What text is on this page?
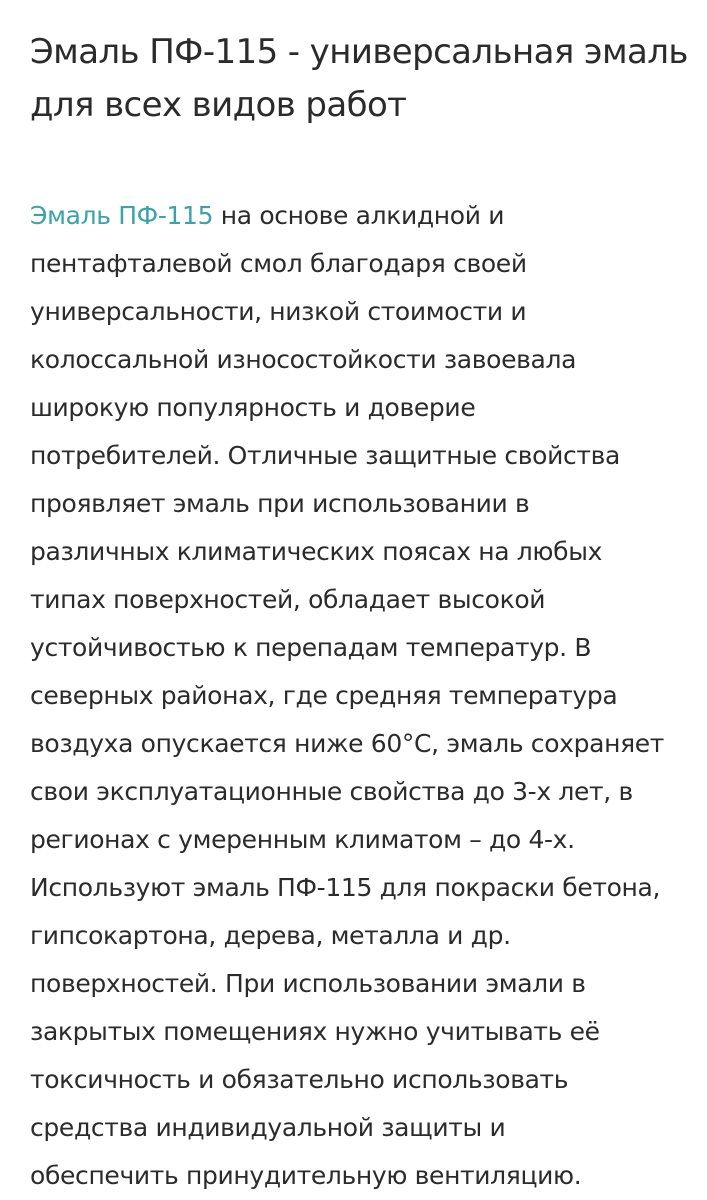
Эмаль ПФ-115 - универсальная эмаль
для всех видов работ

Эмаль ПФ-115 на основе алкидной и
пентафталевой смол благодаря своей
универсальности, низкой стоимости и
колоссальной износостойкости завоевала
широкую популярность и доверие
потребителей. Отличные защитные свойства
проявляет эмаль при использовании в
различных климатических поясах на любых
типах поверхностей, обладает высокой
устойчивостью к перепадам температур. В
северных районах, где средняя температура
воздуха опускается ниже 60°С, эмаль сохраняет
свои эксплуатационные свойства до 3-х лет, в
регионах с умеренным климатом – до 4-х.
Используют эмаль ПФ-115 для покраски бетона,
гипсокартона, дерева, металла и др.
поверхностей. При использовании эмали в
закрытых помещениях нужно учитывать её
токсичность и обязательно использовать
средства индивидуальной защиты и
обеспечить принудительную вентиляцию.
